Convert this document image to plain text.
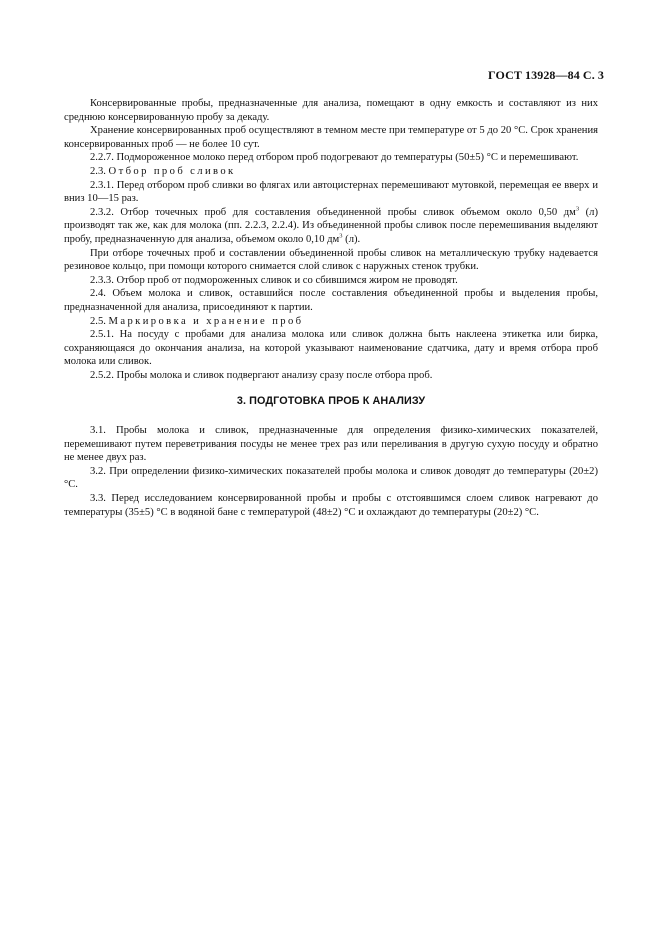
ГОСТ 13928—84 С. 3

Консервированные пробы, предназначенные для анализа, помещают в одну емкость и составляют из них среднюю консервированную пробу за декаду.

Хранение консервированных проб осуществляют в темном месте при температуре от 5 до 20 °С. Срок хранения консервированных проб — не более 10 сут.

2.2.7. Подмороженное молоко перед отбором проб подогревают до температуры (50±5) °С и перемешивают.

2.3. Отбор проб сливок

2.3.1. Перед отбором проб сливки во флягах или автоцистернах перемешивают мутовкой, перемещая ее вверх и вниз 10—15 раз.

2.3.2. Отбор точечных проб для составления объединенной пробы сливок объемом около 0,50 $дм^3$ (л) производят так же, как для молока (пп. 2.2.3, 2.2.4). Из объединенной пробы сливок после перемешивания выделяют пробу, предназначенную для анализа, объемом около 0,10 $дм^3$ (л).

При отборе точечных проб и составлении объединенной пробы сливок на металлическую трубку надевается резиновое кольцо, при помощи которого снимается слой сливок с наружных стенок трубки.

2.3.3. Отбор проб от подмороженных сливок и со сбившимся жиром не проводят.

2.4. Объем молока и сливок, оставшийся после составления объединенной пробы и выделения пробы, предназначенной для анализа, присоединяют к партии.

2.5. Маркировка и хранение проб

2.5.1. На посуду с пробами для анализа молока или сливок должна быть наклеена этикетка или бирка, сохраняющаяся до окончания анализа, на которой указывают наименование сдатчика, дату и время отбора проб молока или сливок.

2.5.2. Пробы молока и сливок подвергают анализу сразу после отбора проб.

3. ПОДГОТОВКА ПРОБ К АНАЛИЗУ

3.1. Пробы молока и сливок, предназначенные для определения физико-химических показателей, перемешивают путем переветривания посуды не менее трех раз или переливания в другую сухую посуду и обратно не менее двух раз.

3.2. При определении физико-химических показателей пробы молока и сливок доводят до температуры (20±2) °С.

3.3. Перед исследованием консервированной пробы и пробы с отстоявшимся слоем сливок нагревают до температуры (35±5) °С в водяной бане с температурой (48±2) °С и охлаждают до температуры (20±2) °С.
